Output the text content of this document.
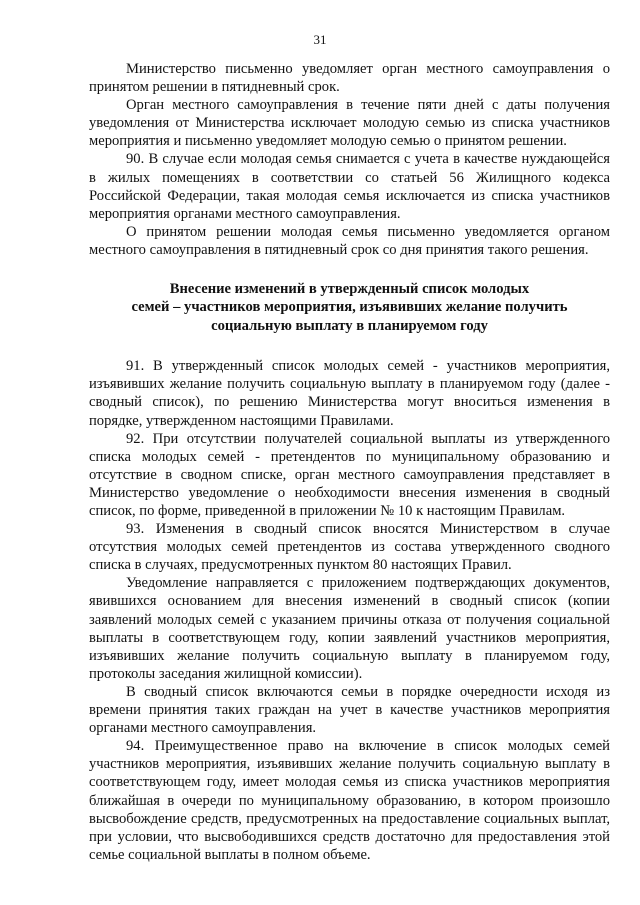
31

Министерство письменно уведомляет орган местного самоуправления о принятом решении в пятидневный срок.

Орган местного самоуправления в течение пяти дней с даты получения уведомления от Министерства исключает молодую семью из списка участников мероприятия и письменно уведомляет молодую семью о принятом решении.

90. В случае если молодая семья снимается с учета в качестве нуждающейся в жилых помещениях в соответствии со статьей 56 Жилищного кодекса Российской Федерации, такая молодая семья исключается из списка участников мероприятия органами местного самоуправления.

О принятом решении молодая семья письменно уведомляется органом местного самоуправления в пятидневный срок со дня принятия такого решения.

Внесение изменений в утвержденный список молодых
семей – участников мероприятия, изъявивших желание получить
социальную выплату в планируемом году

91. В утвержденный список молодых семей - участников мероприятия, изъявивших желание получить социальную выплату в планируемом году (далее - сводный список), по решению Министерства могут вноситься изменения в порядке, утвержденном настоящими Правилами.

92. При отсутствии получателей социальной выплаты из утвержденного списка молодых семей - претендентов по муниципальному образованию и отсутствие в сводном списке, орган местного самоуправления представляет в Министерство уведомление о необходимости внесения изменения в сводный список, по форме, приведенной в приложении № 10 к настоящим Правилам.

93. Изменения в сводный список вносятся Министерством в случае отсутствия молодых семей претендентов из состава утвержденного сводного списка в случаях, предусмотренных пунктом 80 настоящих Правил.

Уведомление направляется с приложением подтверждающих документов, явившихся основанием для внесения изменений в сводный список (копии заявлений молодых семей с указанием причины отказа от получения социальной выплаты в соответствующем году, копии заявлений участников мероприятия, изъявивших желание получить социальную выплату в планируемом году, протоколы заседания жилищной комиссии).

В сводный список включаются семьи в порядке очередности исходя из времени принятия таких граждан на учет в качестве участников мероприятия органами местного самоуправления.

94. Преимущественное право на включение в список молодых семей участников мероприятия, изъявивших желание получить социальную выплату в соответствующем году, имеет молодая семья из списка участников мероприятия ближайшая в очереди по муниципальному образованию, в котором произошло высвобождение средств, предусмотренных на предоставление социальных выплат, при условии, что высвободившихся средств достаточно для предоставления этой семье социальной выплаты в полном объеме.
